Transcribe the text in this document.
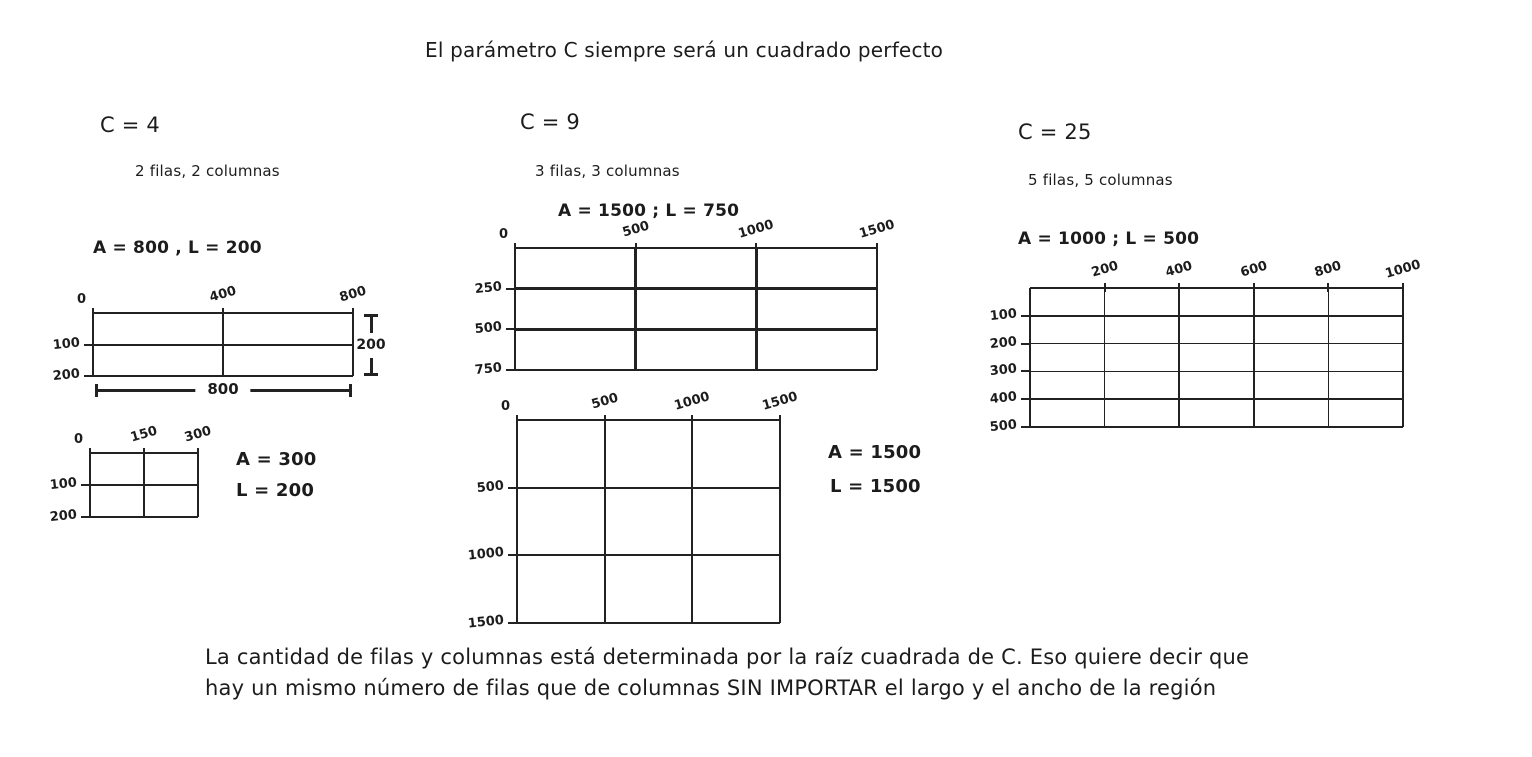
El parámetro C siempre será un cuadrado perfecto
C = 4
2 filas, 2 columnas
A = 800 , L = 200
A = 300
L = 200
C = 9
3 filas, 3 columnas
A = 1500 ; L = 750
A = 1500
L = 1500
C = 25
5 filas, 5 columnas
A = 1000 ; L = 500
0	400	800
100
200
200
800
0	150 300
100
200
0	500	1000	1500
250
500
750
0	500	1000	1500
500
1000
1500
200	400	600	800	1000
100
200
300
400
500
La cantidad de filas y columnas está determinada por la raíz cuadrada de C. Eso quiere decir que
hay un mismo número de filas que de columnas SIN IMPORTAR el largo y el ancho de la región
